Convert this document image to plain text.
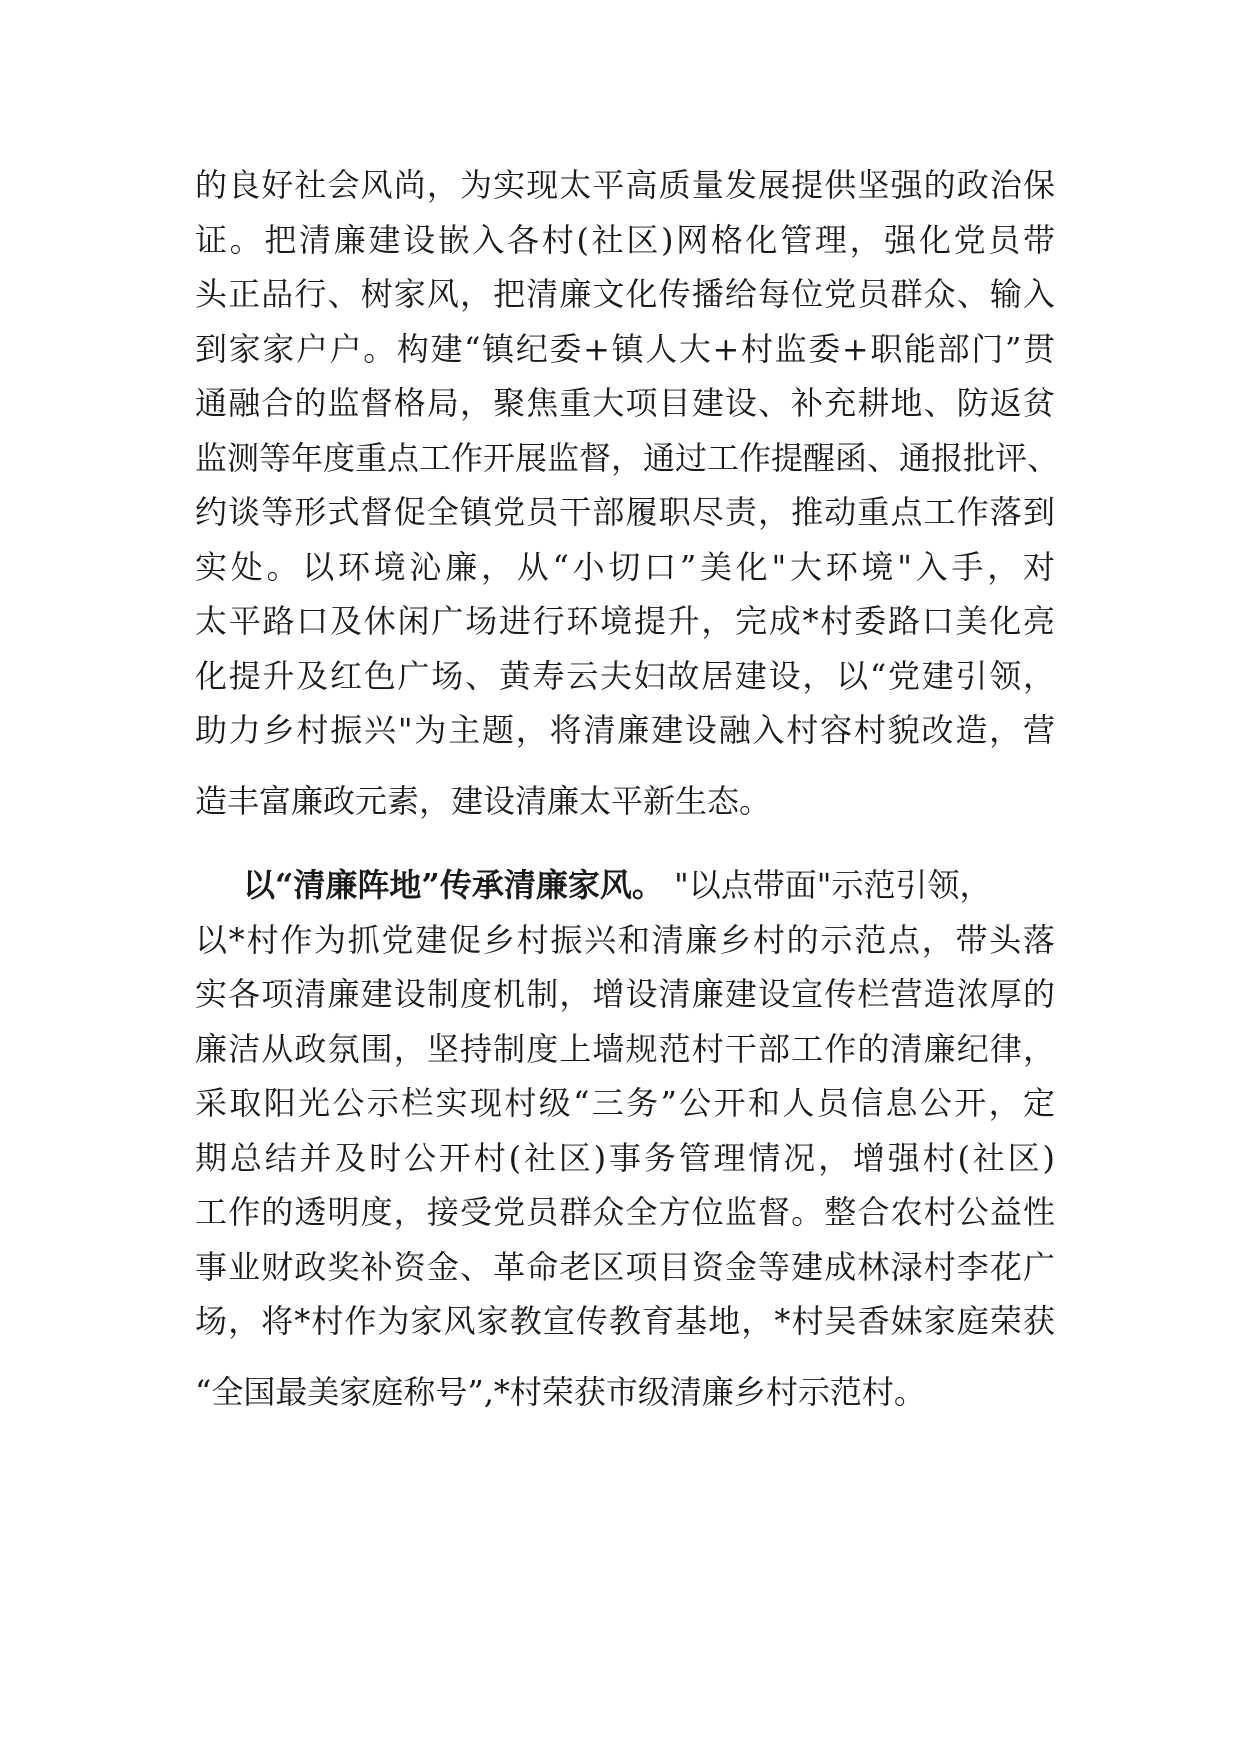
的良好社会风尚，为实现太平高质量发展提供坚强的政治保
证。把清廉建设嵌入各村(社区)网格化管理，强化党员带
头正品行、树家风，把清廉文化传播给每位党员群众、输入
到家家户户。构建“镇纪委+镇人大+村监委+职能部门”贯
通融合的监督格局，聚焦重大项目建设、补充耕地、防返贫
监测等年度重点工作开展监督，通过工作提醒函、通报批评、
约谈等形式督促全镇党员干部履职尽责，推动重点工作落到
实处。以环境沁廉，从“小切口”美化"大环境"入手，对
太平路口及休闲广场进行环境提升，完成*村委路口美化亮
化提升及红色广场、黄寿云夫妇故居建设，以“党建引领，
助力乡村振兴"为主题，将清廉建设融入村容村貌改造，营
造丰富廉政元素，建设清廉太平新生态。
以“清廉阵地”传承清廉家风。 "以点带面"示范引领，
以*村作为抓党建促乡村振兴和清廉乡村的示范点，带头落
实各项清廉建设制度机制，增设清廉建设宣传栏营造浓厚的
廉洁从政氛围，坚持制度上墙规范村干部工作的清廉纪律，
采取阳光公示栏实现村级“三务”公开和人员信息公开，定
期总结并及时公开村(社区)事务管理情况，增强村(社区)
工作的透明度，接受党员群众全方位监督。整合农村公益性
事业财政奖补资金、革命老区项目资金等建成林渌村李花广
场，将*村作为家风家教宣传教育基地，*村吴香妹家庭荣获
“全国最美家庭称号”,*村荣获市级清廉乡村示范村。
